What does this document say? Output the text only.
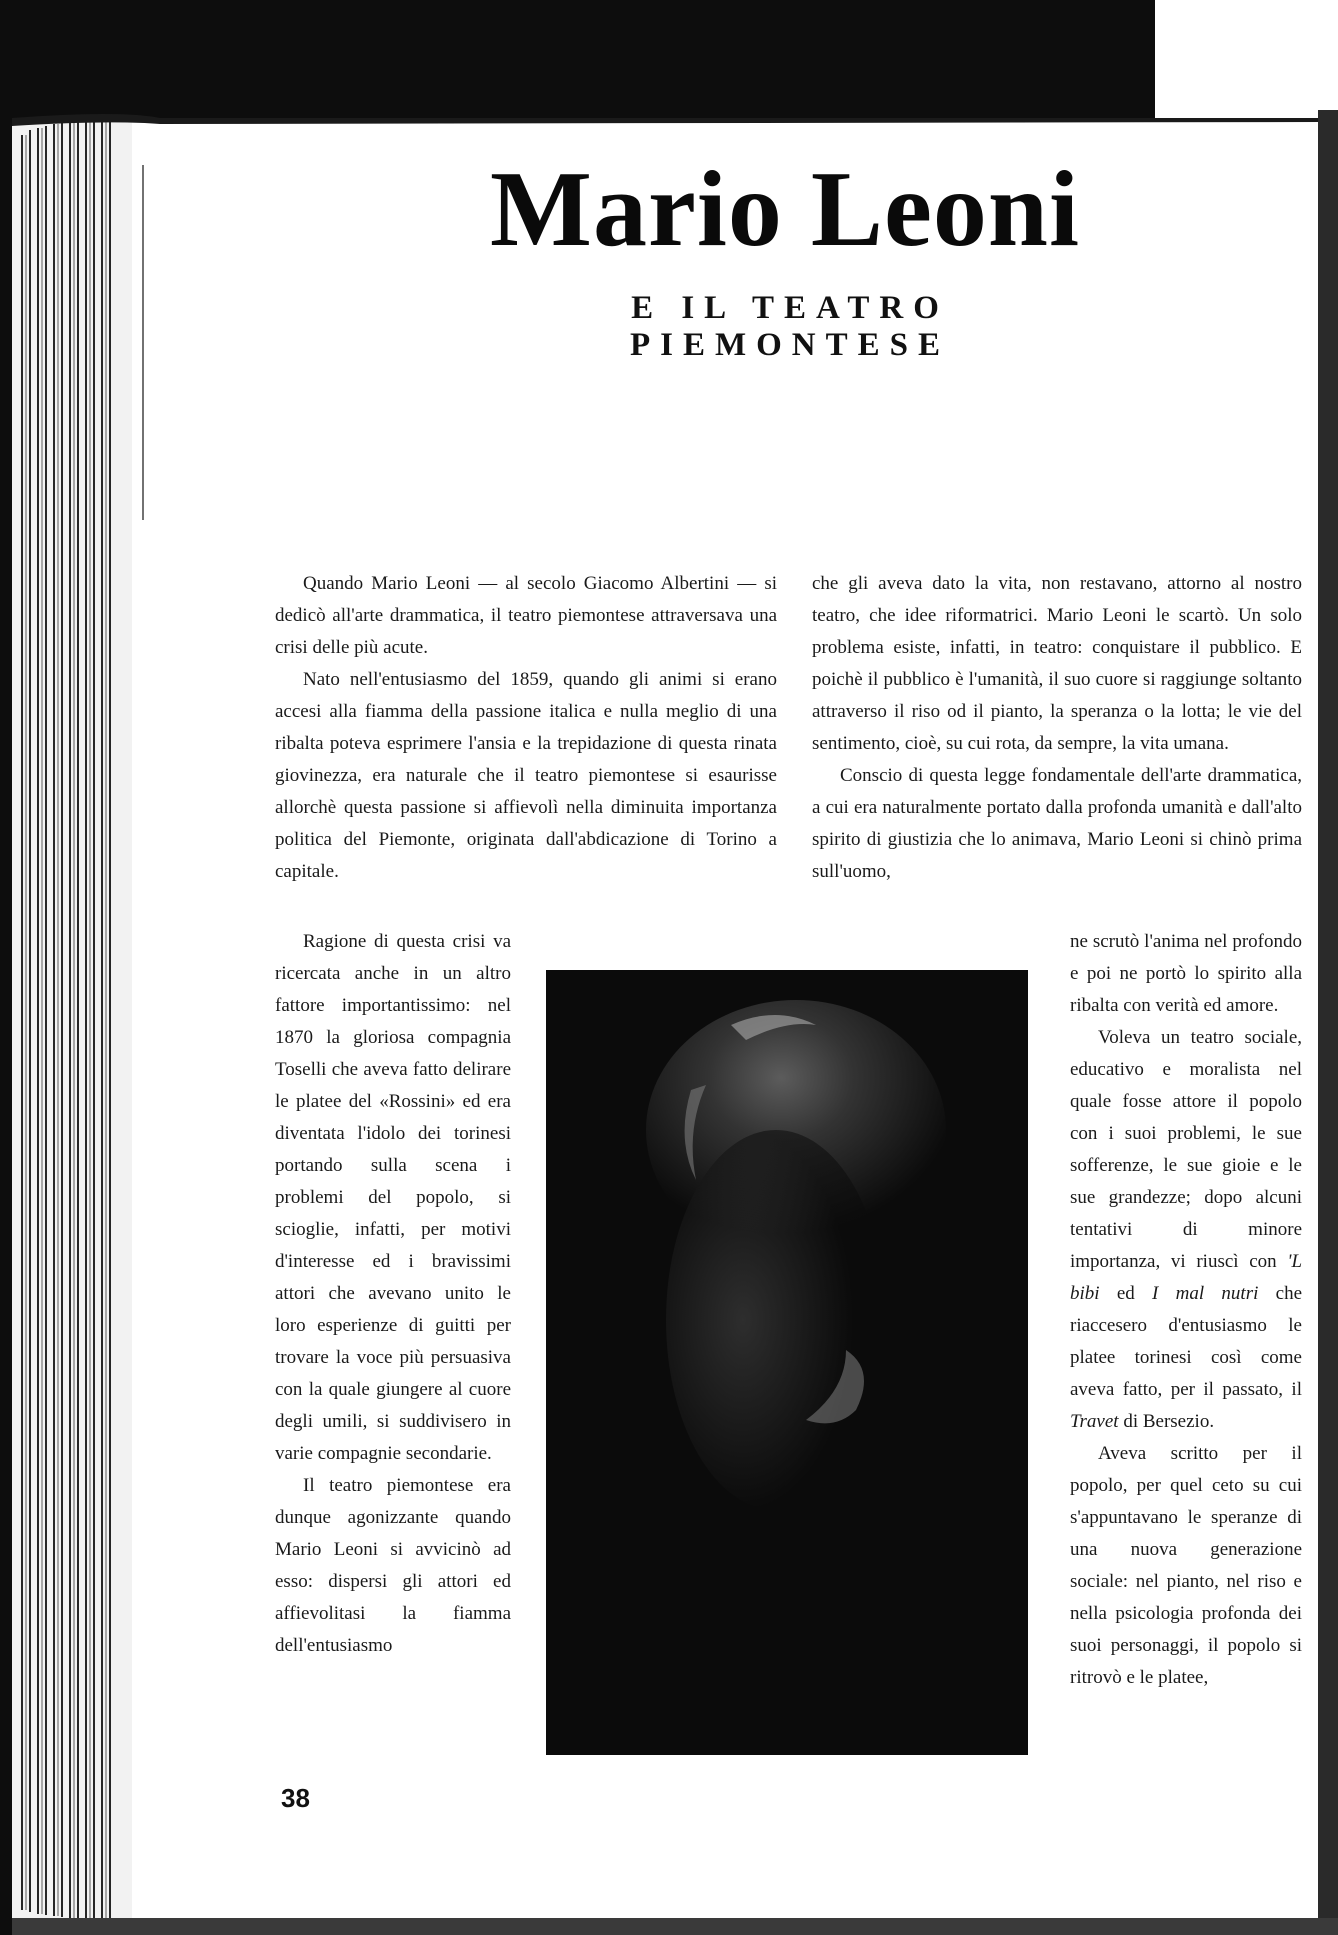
Mario Leoni
E IL TEATRO PIEMONTESE

Quando Mario Leoni — al secolo Giacomo Albertini — si dedicò all'arte drammatica, il teatro piemontese attraversava una crisi delle più acute.

Nato nell'entusiasmo del 1859, quando gli animi si erano accesi alla fiamma della passione italica e nulla meglio di una ribalta poteva esprimere l'ansia e la trepidazione di questa rinata giovinezza, era naturale che il teatro piemontese si esaurisse allorchè questa passione si affievolì nella diminuita importanza politica del Piemonte, originata dall'abdicazione di Torino a capitale.

Ragione di questa crisi va ricercata anche in un altro fattore importantissimo: nel 1870 la gloriosa compagnia Toselli che aveva fatto delirare le platee del «Rossini» ed era diventata l'idolo dei torinesi portando sulla scena i problemi del popolo, si scioglie, infatti, per motivi d'interesse ed i bravissimi attori che avevano unito le loro esperienze di guitti per trovare la voce più persuasiva con la quale giungere al cuore degli umili, si suddivisero in varie compagnie secondarie.

Il teatro piemontese era dunque agonizzante quando Mario Leoni si avvicinò ad esso: dispersi gli attori ed affievolitasi la fiamma dell'entusiasmo

che gli aveva dato la vita, non restavano, attorno al nostro teatro, che idee riformatrici. Mario Leoni le scartò. Un solo problema esiste, infatti, in teatro: conquistare il pubblico. E poichè il pubblico è l'umanità, il suo cuore si raggiunge soltanto attraverso il riso od il pianto, la speranza o la lotta; le vie del sentimento, cioè, su cui rota, da sempre, la vita umana.

Conscio di questa legge fondamentale dell'arte drammatica, a cui era naturalmente portato dalla profonda umanità e dall'alto spirito di giustizia che lo animava, Mario Leoni si chinò prima sull'uomo,

ne scrutò l'anima nel profondo e poi ne portò lo spirito alla ribalta con verità ed amore.

Voleva un teatro sociale, educativo e moralista nel quale fosse attore il popolo con i suoi problemi, le sue sofferenze, le sue gioie e le sue grandezze; dopo alcuni tentativi di minore importanza, vi riuscì con 'L bibi ed I mal nutri che riaccesero d'entusiasmo le platee torinesi così come aveva fatto, per il passato, il Travet di Bersezio.

Aveva scritto per il popolo, per quel ceto su cui s'appuntavano le speranze di una nuova generazione sociale: nel pianto, nel riso e nella psicologia profonda dei suoi personaggi, il popolo si ritrovò e le platee,

38
